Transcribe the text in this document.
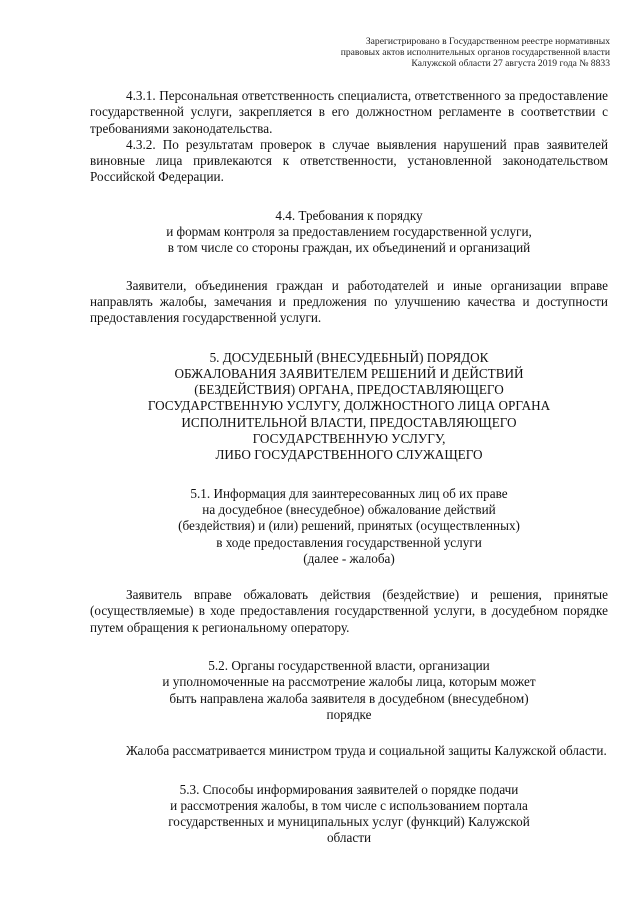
Зарегистрировано в Государственном реестре нормативных
правовых актов исполнительных органов государственной власти
Калужской области 27 августа 2019 года № 8833

4.3.1. Персональная ответственность специалиста, ответственного за предоставление государственной услуги, закрепляется в его должностном регламенте в соответствии с требованиями законодательства.

4.3.2. По результатам проверок в случае выявления нарушений прав заявителей виновные лица привлекаются к ответственности, установленной законодательством Российской Федерации.

4.4. Требования к порядку
и формам контроля за предоставлением государственной услуги,
в том числе со стороны граждан, их объединений и организаций

Заявители, объединения граждан и работодателей и иные организации вправе направлять жалобы, замечания и предложения по улучшению качества и доступности предоставления государственной услуги.

5. ДОСУДЕБНЫЙ (ВНЕСУДЕБНЫЙ) ПОРЯДОК
ОБЖАЛОВАНИЯ ЗАЯВИТЕЛЕМ РЕШЕНИЙ И ДЕЙСТВИЙ
(БЕЗДЕЙСТВИЯ) ОРГАНА, ПРЕДОСТАВЛЯЮЩЕГО
ГОСУДАРСТВЕННУЮ УСЛУГУ, ДОЛЖНОСТНОГО ЛИЦА ОРГАНА
ИСПОЛНИТЕЛЬНОЙ ВЛАСТИ, ПРЕДОСТАВЛЯЮЩЕГО
ГОСУДАРСТВЕННУЮ УСЛУГУ,
ЛИБО ГОСУДАРСТВЕННОГО СЛУЖАЩЕГО
5.1. Информация для заинтересованных лиц об их праве
на досудебное (внесудебное) обжалование действий
(бездействия) и (или) решений, принятых (осуществленных)
в ходе предоставления государственной услуги
(далее - жалоба)

Заявитель вправе обжаловать действия (бездействие) и решения, принятые (осуществляемые) в ходе предоставления государственной услуги, в досудебном порядке путем обращения к региональному оператору.

5.2. Органы государственной власти, организации
и уполномоченные на рассмотрение жалобы лица, которым может
быть направлена жалоба заявителя в досудебном (внесудебном)
порядке

Жалоба рассматривается министром труда и социальной защиты Калужской области.

5.3. Способы информирования заявителей о порядке подачи
и рассмотрения жалобы, в том числе с использованием портала
государственных и муниципальных услуг (функций) Калужской
области
